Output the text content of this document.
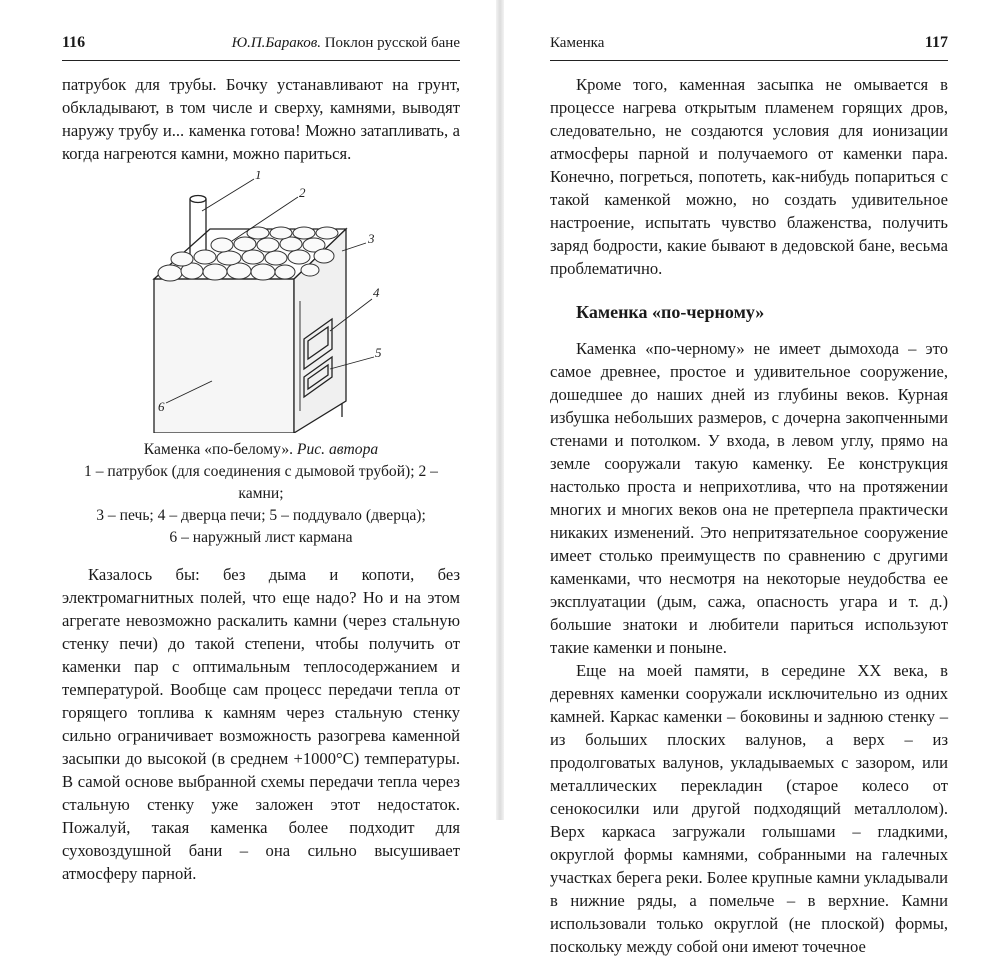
116	Ю.П.Бараков. Поклон русской бане

патрубок для трубы. Бочку устанавливают на грунт, обкладывают, в том числе и сверху, камнями, выводят наружу трубу и... каменка готова! Можно затапливать, а когда нагреются камни, можно париться.

1
2
3
4
5
6
Каменка «по-белому». Рис. автора
1 – патрубок (для соединения с дымовой трубой); 2 – камни;
3 – печь; 4 – дверца печи; 5 – поддувало (дверца);
6 – наружный лист кармана

Казалось бы: без дыма и копоти, без электромагнитных полей, что еще надо? Но и на этом агрегате невозможно раскалить камни (через стальную стенку печи) до такой степени, чтобы получить от каменки пар с оптимальным теплосодержанием и температурой. Вообще сам процесс передачи тепла от горящего топлива к камням через стальную стенку сильно ограничивает возможность разогрева каменной засыпки до высокой (в среднем +1000°С) температуры. В самой основе выбранной схемы передачи тепла через стальную стенку уже заложен этот недостаток. Пожалуй, такая каменка более подходит для суховоздушной бани – она сильно высушивает атмосферу парной.

Каменка	117

Кроме того, каменная засыпка не омывается в процессе нагрева открытым пламенем горящих дров, следовательно, не создаются условия для ионизации атмосферы парной и получаемого от каменки пара. Конечно, погреться, попотеть, как-нибудь попариться с такой каменкой можно, но создать удивительное настроение, испытать чувство блаженства, получить заряд бодрости, какие бывают в дедовской бане, весьма проблематично.

Каменка «по-черному»

Каменка «по-черному» не имеет дымохода – это самое древнее, простое и удивительное сооружение, дошедшее до наших дней из глубины веков. Курная избушка небольших размеров, с дочерна закопченными стенами и потолком. У входа, в левом углу, прямо на земле сооружали такую каменку. Ее конструкция настолько проста и неприхотлива, что на протяжении многих и многих веков она не претерпела практически никаких изменений. Это непритязательное сооружение имеет столько преимуществ по сравнению с другими каменками, что несмотря на некоторые неудобства ее эксплуатации (дым, сажа, опасность угара и т. д.) большие знатоки и любители париться используют такие каменки и поныне.

Еще на моей памяти, в середине XX века, в деревнях каменки сооружали исключительно из одних камней. Каркас каменки – боковины и заднюю стенку – из больших плоских валунов, а верх – из продолговатых валунов, укладываемых с зазором, или металлических перекладин (старое колесо от сенокосилки или другой подходящий металлолом). Верх каркаса загружали голышами – гладкими, округлой формы камнями, собранными на галечных участках берега реки. Более крупные камни укладывали в нижние ряды, а помельче – в верхние. Камни использовали только округлой (не плоской) формы, поскольку между собой они имеют точечное
